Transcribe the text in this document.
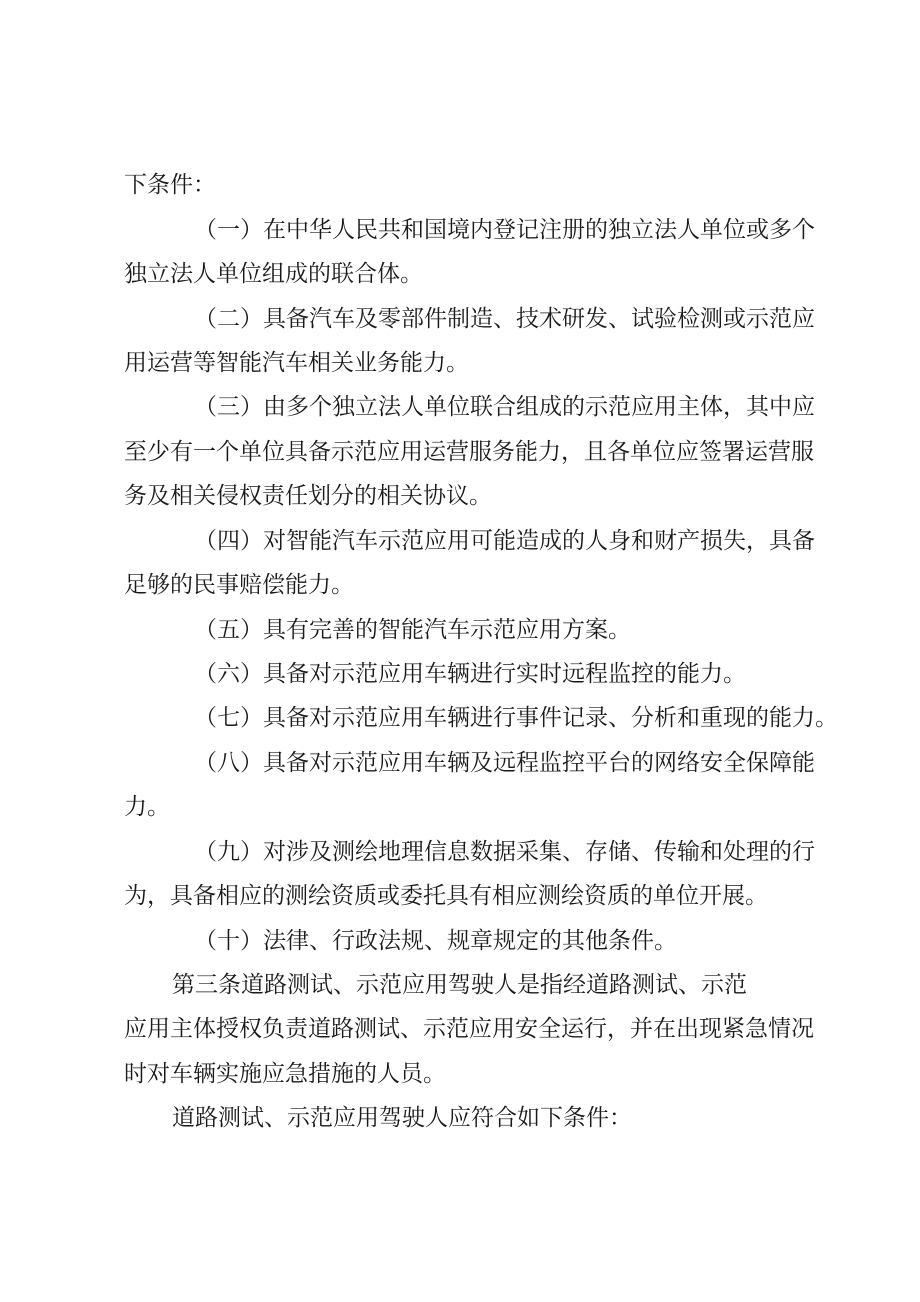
下条件：

（一）在中华人民共和国境内登记注册的独立法人单位或多个

独立法人单位组成的联合体。

（二）具备汽车及零部件制造、技术研发、试验检测或示范应

用运营等智能汽车相关业务能力。

（三）由多个独立法人单位联合组成的示范应用主体，其中应

至少有一个单位具备示范应用运营服务能力，且各单位应签署运营服

务及相关侵权责任划分的相关协议。

（四）对智能汽车示范应用可能造成的人身和财产损失，具备

足够的民事赔偿能力。

（五）具有完善的智能汽车示范应用方案。

（六）具备对示范应用车辆进行实时远程监控的能力。

（七）具备对示范应用车辆进行事件记录、分析和重现的能力。

（八）具备对示范应用车辆及远程监控平台的网络安全保障能

力。

（九）对涉及测绘地理信息数据采集、存储、传输和处理的行

为，具备相应的测绘资质或委托具有相应测绘资质的单位开展。

（十）法律、行政法规、规章规定的其他条件。

第三条道路测试、示范应用驾驶人是指经道路测试、示范

应用主体授权负责道路测试、示范应用安全运行，并在出现紧急情况

时对车辆实施应急措施的人员。

道路测试、示范应用驾驶人应符合如下条件：
